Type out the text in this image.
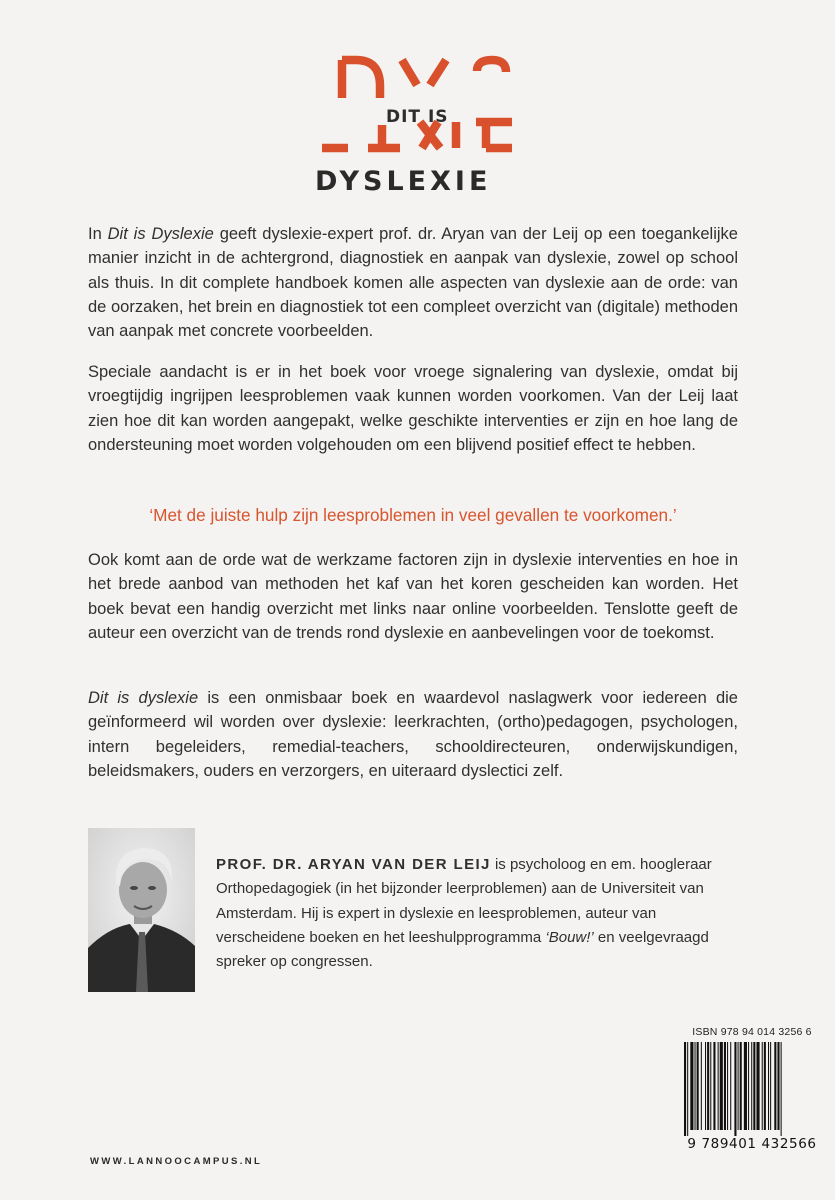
DIT IS
DYSLEXIE

In Dit is Dyslexie geeft dyslexie-expert prof. dr. Aryan van der Leij op een toegankelijke manier inzicht in de achtergrond, diagnostiek en aanpak van dyslexie, zowel op school als thuis. In dit complete handboek komen alle aspecten van dyslexie aan de orde: van de oorzaken, het brein en diagnostiek tot een compleet overzicht van (digitale) methoden van aanpak met concrete voorbeelden.

Speciale aandacht is er in het boek voor vroege signalering van dyslexie, omdat bij vroegtijdig ingrijpen leesproblemen vaak kunnen worden voorkomen. Van der Leij laat zien hoe dit kan worden aangepakt, welke geschikte interventies er zijn en hoe lang de ondersteuning moet worden volgehouden om een blijvend positief effect te hebben.

‘Met de juiste hulp zijn leesproblemen in veel gevallen te voorkomen.’

Ook komt aan de orde wat de werkzame factoren zijn in dyslexie interventies en hoe in het brede aanbod van methoden het kaf van het koren gescheiden kan worden. Het boek bevat een handig overzicht met links naar online voorbeelden. Tenslotte geeft de auteur een overzicht van de trends rond dyslexie en aanbevelingen voor de toekomst.

Dit is dyslexie is een onmisbaar boek en waardevol naslagwerk voor iedereen die geïnformeerd wil worden over dyslexie: leerkrachten, (ortho)pedagogen, psychologen, intern begeleiders, remedial-teachers, schooldirecteuren, onderwijskundigen, beleidsmakers, ouders en verzorgers, en uiteraard dyslectici zelf.

PROF. DR. ARYAN VAN DER LEIJ is psycholoog en em. hoogleraar Orthopedagogiek (in het bijzonder leerproblemen) aan de Universiteit van Amsterdam. Hij is expert in dyslexie en leesproblemen, auteur van verscheidene boeken en het leeshulpprogramma ‘Bouw!’ en veelgevraagd spreker op congressen.

ISBN 978 94 014 3256 6
9 789401 432566
WWW.LANNOOCAMPUS.NL
